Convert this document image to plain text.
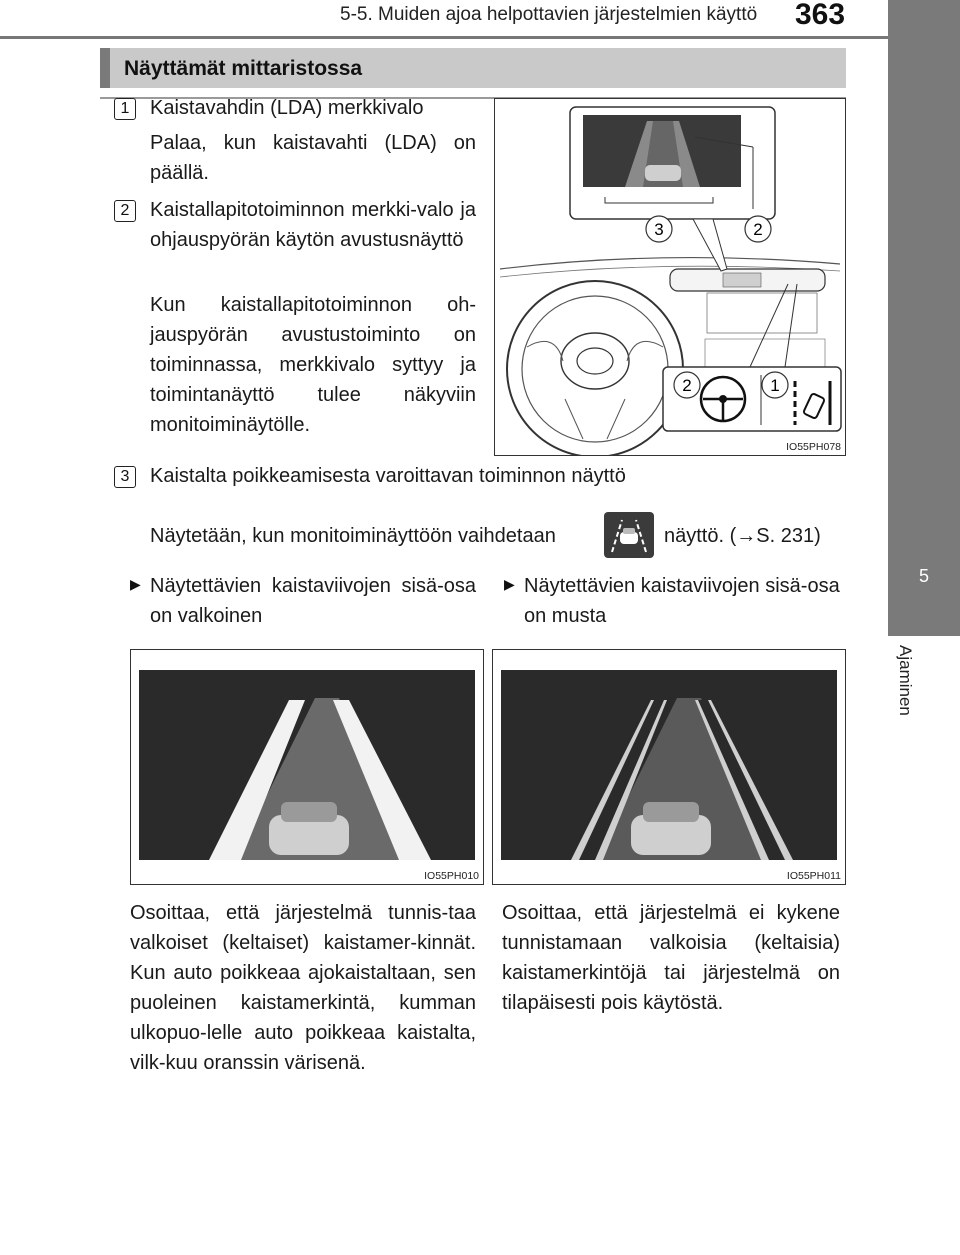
5-5. Muiden ajoa helpottavien järjestelmien käyttö 363
5
Ajaminen
Näyttämät mittaristossa
1	Kaistavahdin (LDA) merkkivalo
Palaa, kun kaistavahti (LDA) on päällä.
2	Kaistallapitotoiminnon merkki-valo ja ohjauspyörän käytön avustusnäyttö
Kun kaistallapitotoiminnon oh-jauspyörän avustustoiminto on toiminnassa, merkkivalo syttyy ja toimintanäyttö tulee näkyviin monitoiminäytölle.
3	2
2	1
IO55PH078
3	Kaistalta poikkeamisesta varoittavan toiminnon näyttö
Näytetään, kun monitoiminäyttöön vaihdetaan	näyttö. (→S. 231)
▶ Näytettävien kaistaviivojen sisä-osa on valkoinen
▶ Näytettävien kaistaviivojen sisä-osa on musta
IO55PH010	IO55PH011
Osoittaa, että järjestelmä tunnis-taa valkoiset (keltaiset) kaistamer-kinnät. Kun auto poikkeaa ajokaistaltaan, sen puoleinen kaistamerkintä, kumman ulkopuo-lelle auto poikkeaa kaistalta, vilk-kuu oranssin värisenä.
Osoittaa, että järjestelmä ei kykene tunnistamaan valkoisia (keltaisia) kaistamerkintöjä tai järjestelmä on tilapäisesti pois käytöstä.
